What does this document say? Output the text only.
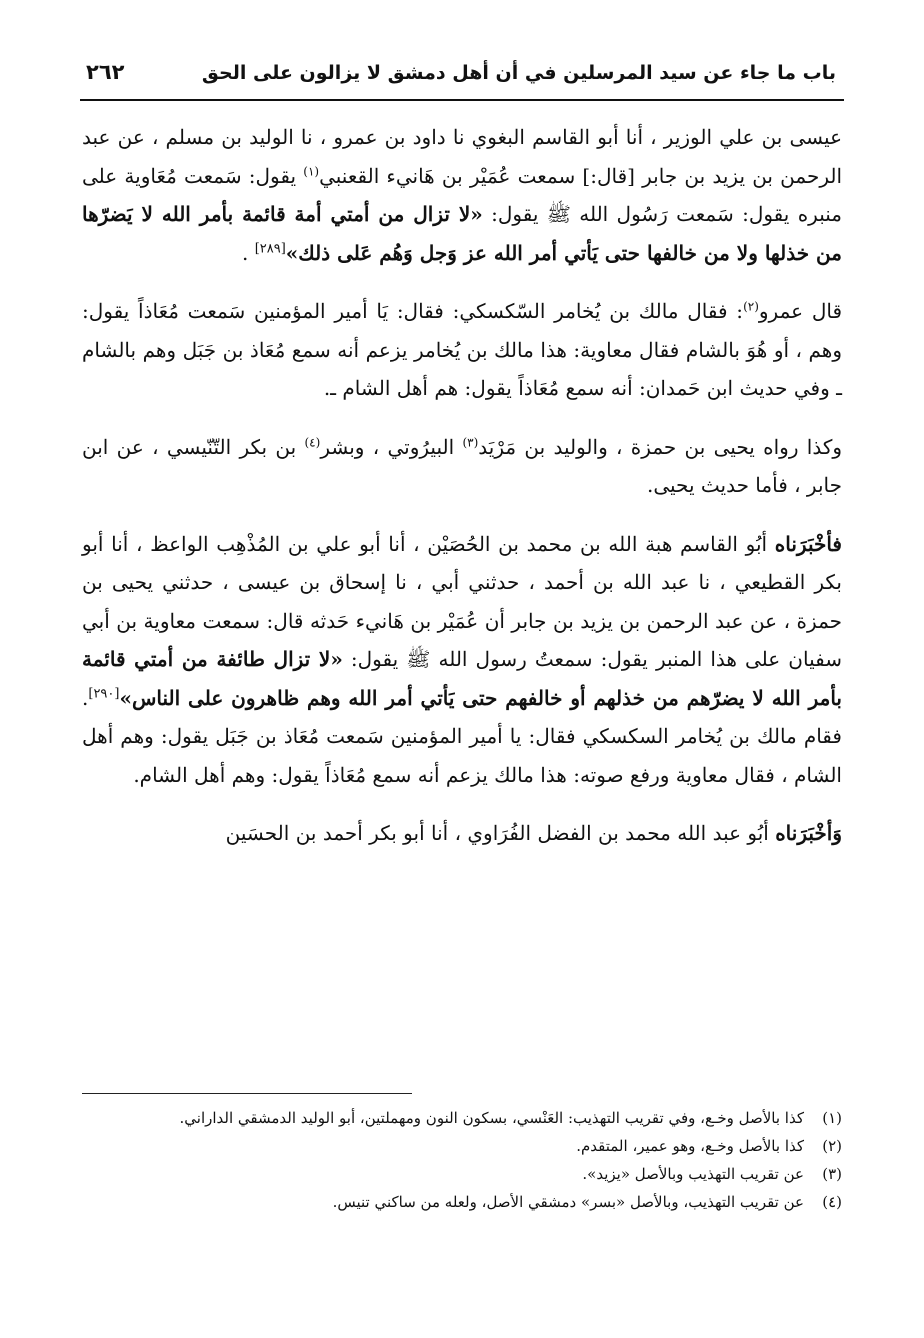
باب ما جاء عن سيد المرسلين في أن أهل دمشق لا يزالون على الحق
٢٦٢

عيسى بن علي الوزير ، أنا أبو القاسم البغوي نا داود بن عمرو ، نا الوليد بن مسلم ، عن عبد الرحمن بن يزيد بن جابر [قال:] سمعت عُمَيْر بن هَانيء القعنبي$^{(١)}$ يقول: سَمعت مُعَاوية على منبره يقول: سَمعت رَسُول الله ﷺ يقول: «لا تزال من أمتي أمة قائمة بأمر الله لا يَضرّها من خذلها ولا من خالفها حتى يَأتي أمر الله عز وَجل وَهُم عَلى ذلك»[٢٨٩] .

قال عمرو$^{(٢)}$: فقال مالك بن يُخامر السّكسكي: فقال: يَا أمير المؤمنين سَمعت مُعَاذاً يقول: وهم ، أو هُوَ بالشام فقال معاوية: هذا مالك بن يُخامر يزعم أنه سمع مُعَاذ بن جَبَل وهم بالشام ـ وفي حديث ابن حَمدان: أنه سمع مُعَاذاً يقول: هم أهل الشام ـ.

وكذا رواه يحيى بن حمزة ، والوليد بن مَرْيَد$^{(٣)}$ البيرُوتي ، وبشر$^{(٤)}$ بن بكر التّنّيسي ، عن ابن جابر ، فأما حديث يحيى.

فأخْبَرَناه أبُو القاسم هبة الله بن محمد بن الحُصَيْن ، أنا أبو علي بن المُذْهِب الواعظ ، أنا أبو بكر القطيعي ، نا عبد الله بن أحمد ، حدثني أبي ، نا إسحاق بن عيسى ، حدثني يحيى بن حمزة ، عن عبد الرحمن بن يزيد بن جابر أن عُمَيْر بن هَانيء حَدثه قال: سمعت معاوية بن أبي سفيان على هذا المنبر يقول: سمعتُ رسول الله ﷺ يقول: «لا تزال طائفة من أمتي قائمة بأمر الله لا يضرّهم من خذلهم أو خالفهم حتى يَأتي أمر الله وهم ظاهرون على الناس»[٢٩٠]. فقام مالك بن يُخامر السكسكي فقال: يا أمير المؤمنين سَمعت مُعَاذ بن جَبَل يقول: وهم أهل الشام ، فقال معاوية ورفع صوته: هذا مالك يزعم أنه سمع مُعَاذاً يقول: وهم أهل الشام.

وَأخْبَرَناه أبُو عبد الله محمد بن الفضل الفُرَاوي ، أنا أبو بكر أحمد بن الحسَين

(١)
كذا بالأصل وخـع، وفي تقريب التهذيب: العَنْسي، بسكون النون ومهملتين، أبو الوليد الدمشقي الداراني.
(٢)
كذا بالأصل وخـع، وهو عمير، المتقدم.
(٣)
عن تقريب التهذيب وبالأصل «يزيد».
(٤)
عن تقريب التهذيب، وبالأصل «بسر» دمشقي الأصل، ولعله من ساكني تنيس.
